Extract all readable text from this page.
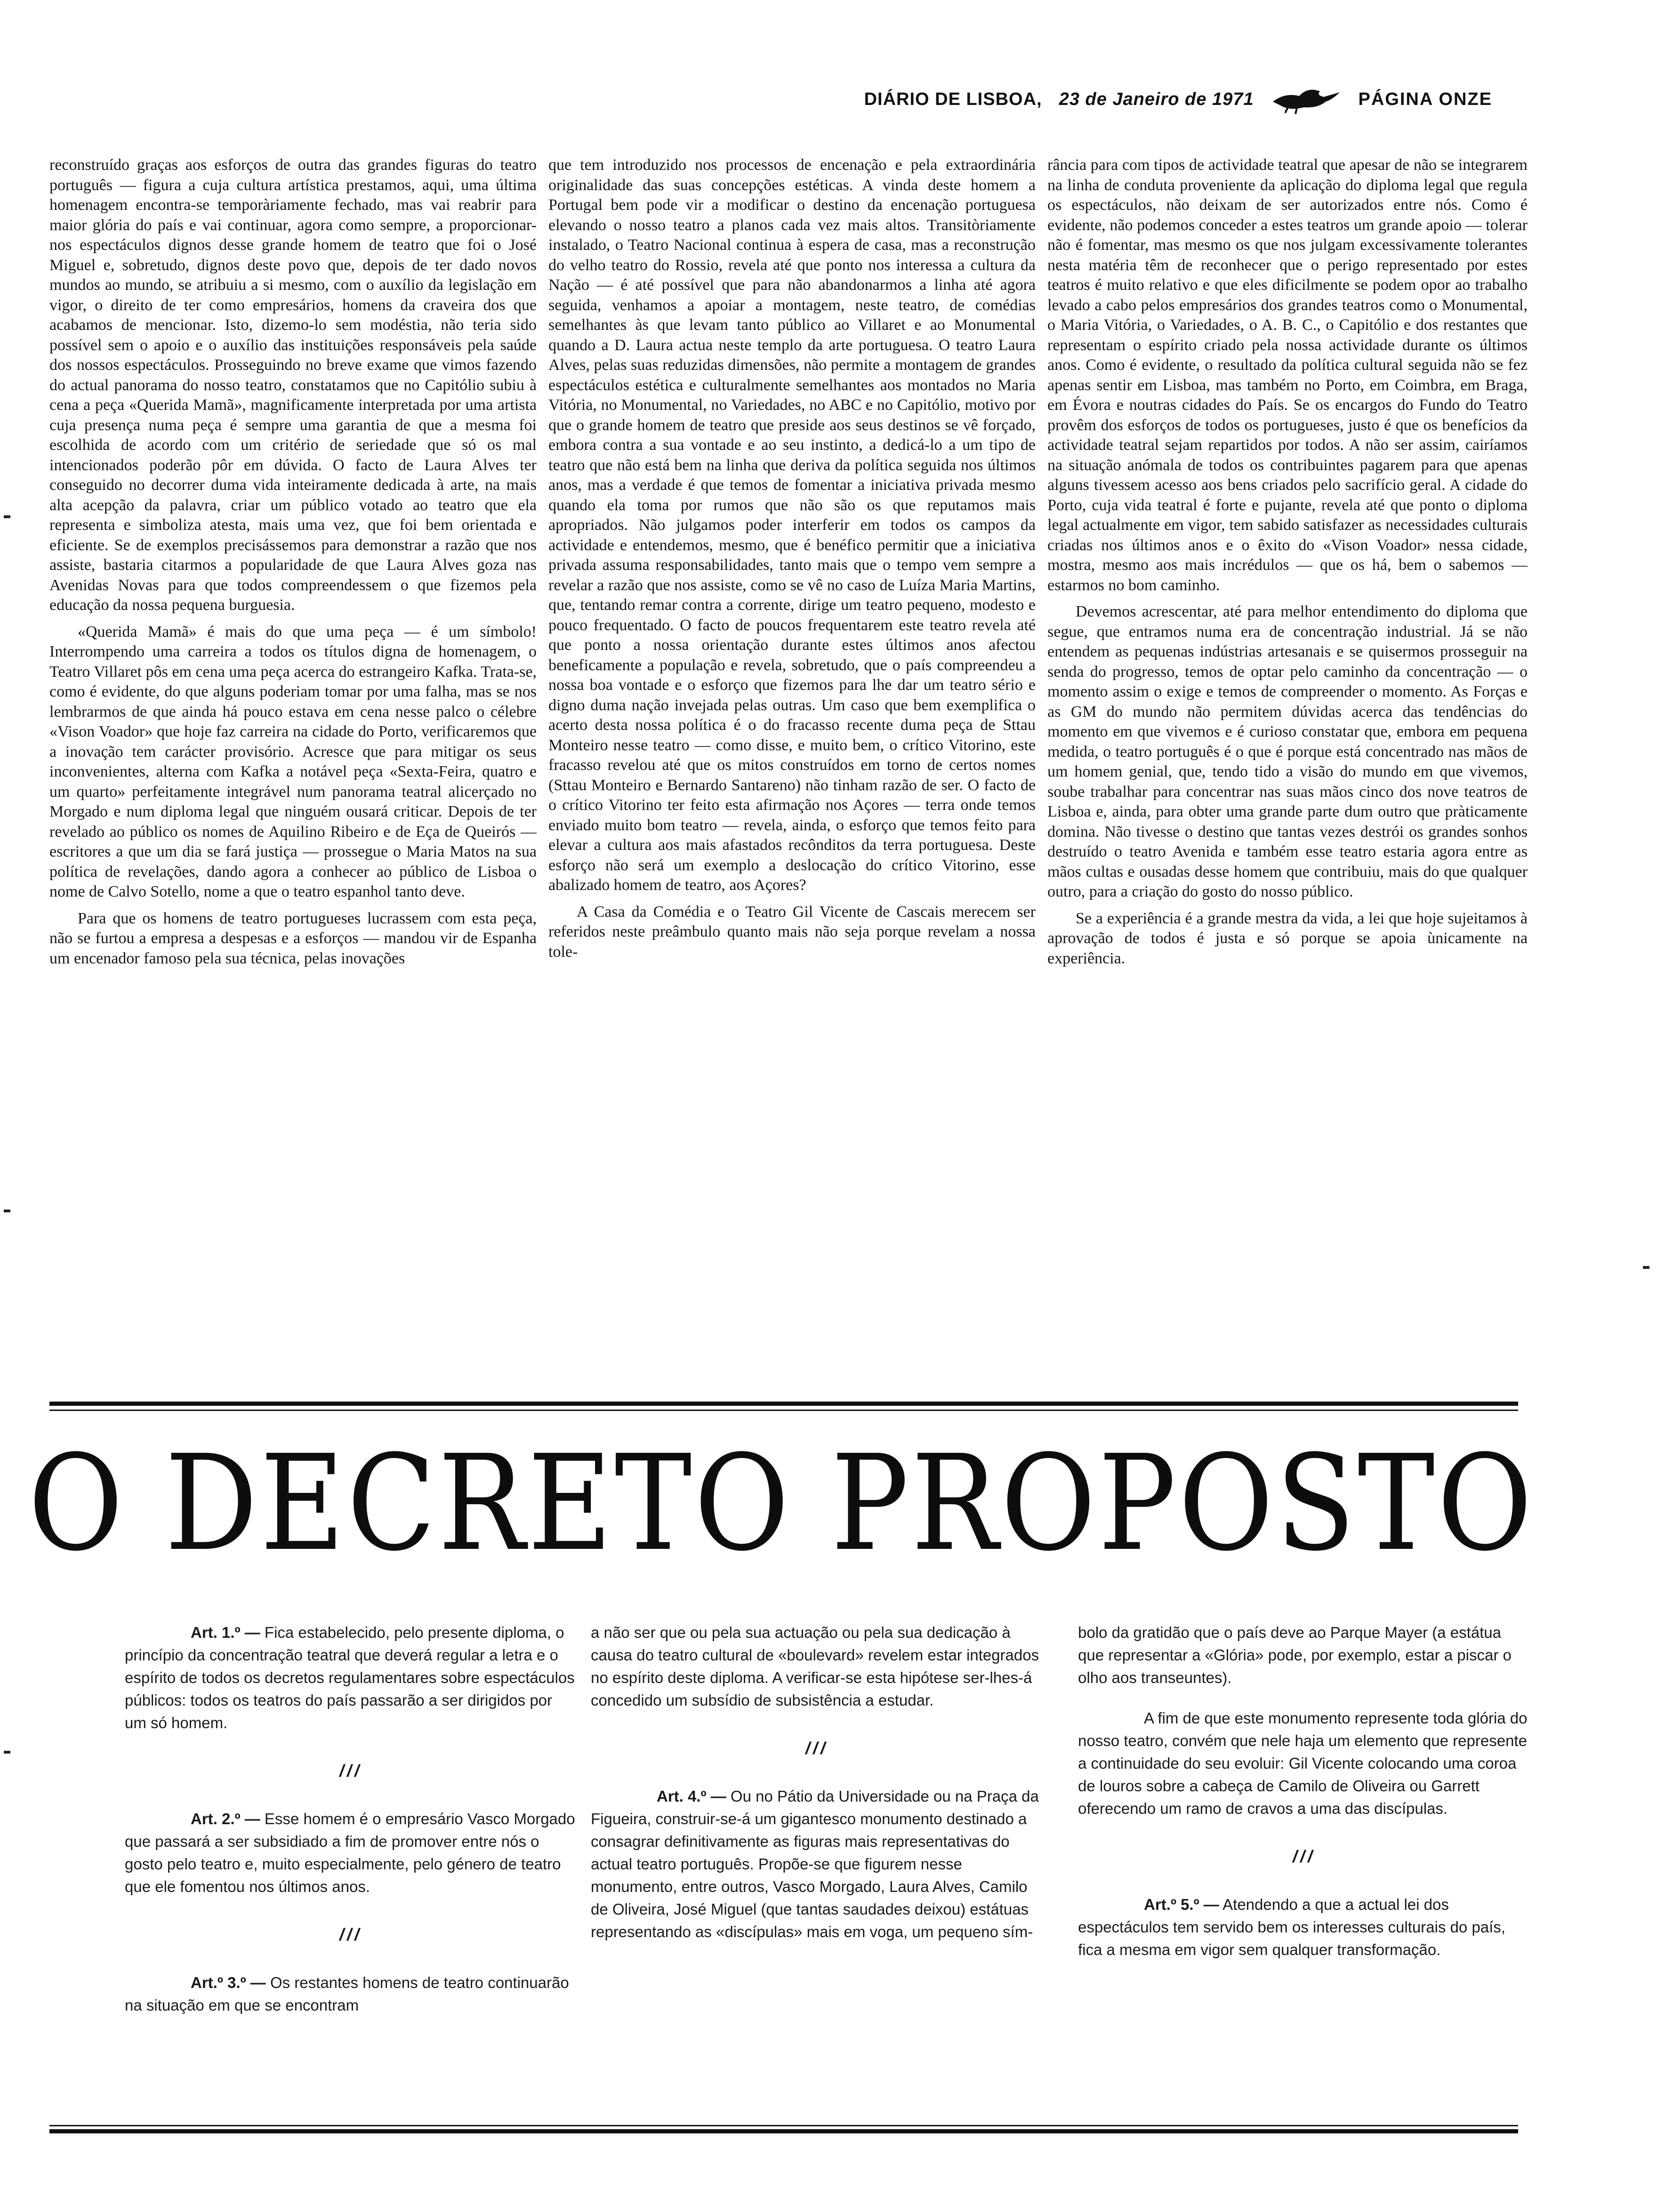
DIÁRIO DE LISBOA, 23 de Janeiro de 1971	PÁGINA ONZE

reconstruído graças aos esforços de outra das grandes figuras do teatro português — figura a cuja cultura artística prestamos, aqui, uma última homenagem encontra-se temporàriamente fechado, mas vai reabrir para maior glória do país e vai continuar, agora como sempre, a proporcionar-nos espectáculos dignos desse grande homem de teatro que foi o José Miguel e, sobretudo, dignos deste povo que, depois de ter dado novos mundos ao mundo, se atribuiu a si mesmo, com o auxílio da legislação em vigor, o direito de ter como empresários, homens da craveira dos que acabamos de mencionar. Isto, dizemo-lo sem modéstia, não teria sido possível sem o apoio e o auxílio das instituições responsáveis pela saúde dos nossos espectáculos. Prosseguindo no breve exame que vimos fazendo do actual panorama do nosso teatro, constatamos que no Capitólio subiu à cena a peça «Querida Mamã», magnificamente interpretada por uma artista cuja presença numa peça é sempre uma garantia de que a mesma foi escolhida de acordo com um critério de seriedade que só os mal intencionados poderão pôr em dúvida. O facto de Laura Alves ter conseguido no decorrer duma vida inteiramente dedicada à arte, na mais alta acepção da palavra, criar um público votado ao teatro que ela representa e simboliza atesta, mais uma vez, que foi bem orientada e eficiente. Se de exemplos precisássemos para demonstrar a razão que nos assiste, bastaria citarmos a popularidade de que Laura Alves goza nas Avenidas Novas para que todos compreendessem o que fizemos pela educação da nossa pequena burguesia.

«Querida Mamã» é mais do que uma peça — é um símbolo! Interrompendo uma carreira a todos os títulos digna de homenagem, o Teatro Villaret pôs em cena uma peça acerca do estrangeiro Kafka. Trata-se, como é evidente, do que alguns poderiam tomar por uma falha, mas se nos lembrarmos de que ainda há pouco estava em cena nesse palco o célebre «Vison Voador» que hoje faz carreira na cidade do Porto, verificaremos que a inovação tem carácter provisório. Acresce que para mitigar os seus inconvenientes, alterna com Kafka a notável peça «Sexta-Feira, quatro e um quarto» perfeitamente integrável num panorama teatral alicerçado no Morgado e num diploma legal que ninguém ousará criticar. Depois de ter revelado ao público os nomes de Aquilino Ribeiro e de Eça de Queirós — escritores a que um dia se fará justiça — prossegue o Maria Matos na sua política de revelações, dando agora a conhecer ao público de Lisboa o nome de Calvo Sotello, nome a que o teatro espanhol tanto deve.

Para que os homens de teatro portugueses lucrassem com esta peça, não se furtou a empresa a despesas e a esforços — mandou vir de Espanha um encenador famoso pela sua técnica, pelas inovações

que tem introduzido nos processos de encenação e pela extraordinária originalidade das suas concepções estéticas. A vinda deste homem a Portugal bem pode vir a modificar o destino da encenação portuguesa elevando o nosso teatro a planos cada vez mais altos. Transitòriamente instalado, o Teatro Nacional continua à espera de casa, mas a reconstrução do velho teatro do Rossio, revela até que ponto nos interessa a cultura da Nação — é até possível que para não abandonarmos a linha até agora seguida, venhamos a apoiar a montagem, neste teatro, de comédias semelhantes às que levam tanto público ao Villaret e ao Monumental quando a D. Laura actua neste templo da arte portuguesa. O teatro Laura Alves, pelas suas reduzidas dimensões, não permite a montagem de grandes espectáculos estética e culturalmente semelhantes aos montados no Maria Vitória, no Monumental, no Variedades, no ABC e no Capitólio, motivo por que o grande homem de teatro que preside aos seus destinos se vê forçado, embora contra a sua vontade e ao seu instinto, a dedicá-lo a um tipo de teatro que não está bem na linha que deriva da política seguida nos últimos anos, mas a verdade é que temos de fomentar a iniciativa privada mesmo quando ela toma por rumos que não são os que reputamos mais apropriados. Não julgamos poder interferir em todos os campos da actividade e entendemos, mesmo, que é benéfico permitir que a iniciativa privada assuma responsabilidades, tanto mais que o tempo vem sempre a revelar a razão que nos assiste, como se vê no caso de Luíza Maria Martins, que, tentando remar contra a corrente, dirige um teatro pequeno, modesto e pouco frequentado. O facto de poucos frequentarem este teatro revela até que ponto a nossa orientação durante estes últimos anos afectou beneficamente a população e revela, sobretudo, que o país compreendeu a nossa boa vontade e o esforço que fizemos para lhe dar um teatro sério e digno duma nação invejada pelas outras. Um caso que bem exemplifica o acerto desta nossa política é o do fracasso recente duma peça de Sttau Monteiro nesse teatro — como disse, e muito bem, o crítico Vitorino, este fracasso revelou até que os mitos construídos em torno de certos nomes (Sttau Monteiro e Bernardo Santareno) não tinham razão de ser. O facto de o crítico Vitorino ter feito esta afirmação nos Açores — terra onde temos enviado muito bom teatro — revela, ainda, o esforço que temos feito para elevar a cultura aos mais afastados recônditos da terra portuguesa. Deste esforço não será um exemplo a deslocação do crítico Vitorino, esse abalizado homem de teatro, aos Açores?

A Casa da Comédia e o Teatro Gil Vicente de Cascais merecem ser referidos neste preâmbulo quanto mais não seja porque revelam a nossa tole-

rância para com tipos de actividade teatral que apesar de não se integrarem na linha de conduta proveniente da aplicação do diploma legal que regula os espectáculos, não deixam de ser autorizados entre nós. Como é evidente, não podemos conceder a estes teatros um grande apoio — tolerar não é fomentar, mas mesmo os que nos julgam excessivamente tolerantes nesta matéria têm de reconhecer que o perigo representado por estes teatros é muito relativo e que eles dificilmente se podem opor ao trabalho levado a cabo pelos empresários dos grandes teatros como o Monumental, o Maria Vitória, o Variedades, o A. B. C., o Capitólio e dos restantes que representam o espírito criado pela nossa actividade durante os últimos anos. Como é evidente, o resultado da política cultural seguida não se fez apenas sentir em Lisboa, mas também no Porto, em Coimbra, em Braga, em Évora e noutras cidades do País. Se os encargos do Fundo do Teatro provêm dos esforços de todos os portugueses, justo é que os benefícios da actividade teatral sejam repartidos por todos. A não ser assim, cairíamos na situação anómala de todos os contribuintes pagarem para que apenas alguns tivessem acesso aos bens criados pelo sacrifício geral. A cidade do Porto, cuja vida teatral é forte e pujante, revela até que ponto o diploma legal actualmente em vigor, tem sabido satisfazer as necessidades culturais criadas nos últimos anos e o êxito do «Vison Voador» nessa cidade, mostra, mesmo aos mais incrédulos — que os há, bem o sabemos — estarmos no bom caminho.

Devemos acrescentar, até para melhor entendimento do diploma que segue, que entramos numa era de concentração industrial. Já se não entendem as pequenas indústrias artesanais e se quisermos prosseguir na senda do progresso, temos de optar pelo caminho da concentração — o momento assim o exige e temos de compreender o momento. As Forças e as GM do mundo não permitem dúvidas acerca das tendências do momento em que vivemos e é curioso constatar que, embora em pequena medida, o teatro português é o que é porque está concentrado nas mãos de um homem genial, que, tendo tido a visão do mundo em que vivemos, soube trabalhar para concentrar nas suas mãos cinco dos nove teatros de Lisboa e, ainda, para obter uma grande parte dum outro que pràticamente domina. Não tivesse o destino que tantas vezes destrói os grandes sonhos destruído o teatro Avenida e também esse teatro estaria agora entre as mãos cultas e ousadas desse homem que contribuiu, mais do que qualquer outro, para a criação do gosto do nosso público.

Se a experiência é a grande mestra da vida, a lei que hoje sujeitamos à aprovação de todos é justa e só porque se apoia ùnicamente na experiência.

O DECRETO PROPOSTO

Art. 1.º — Fica estabelecido, pelo presente diploma, o princípio da concentração teatral que deverá regular a letra e o espírito de todos os decretos regulamentares sobre espectáculos públicos: todos os teatros do país passarão a ser dirigidos por um só homem.

///

Art. 2.º — Esse homem é o empresário Vasco Morgado que passará a ser subsidiado a fim de promover entre nós o gosto pelo teatro e, muito especialmente, pelo género de teatro que ele fomentou nos últimos anos.

///

Art.º 3.º — Os restantes homens de teatro continuarão na situação em que se encontram

a não ser que ou pela sua actuação ou pela sua dedicação à causa do teatro cultural de «boulevard» revelem estar integrados no espírito deste diploma. A verificar-se esta hipótese ser-lhes-á concedido um subsídio de subsistência a estudar.

///

Art. 4.º — Ou no Pátio da Universidade ou na Praça da Figueira, construir-se-á um gigantesco monumento destinado a consagrar definitivamente as figuras mais representativas do actual teatro português. Propõe-se que figurem nesse monumento, entre outros, Vasco Morgado, Laura Alves, Camilo de Oliveira, José Miguel (que tantas saudades deixou) estátuas representando as «discípulas» mais em voga, um pequeno sím-

bolo da gratidão que o país deve ao Parque Mayer (a estátua que representar a «Glória» pode, por exemplo, estar a piscar o olho aos transeuntes).

A fim de que este monumento represente toda glória do nosso teatro, convém que nele haja um elemento que represente a continuidade do seu evoluir: Gil Vicente colocando uma coroa de louros sobre a cabeça de Camilo de Oliveira ou Garrett oferecendo um ramo de cravos a uma das discípulas.

///

Art.º 5.º — Atendendo a que a actual lei dos espectáculos tem servido bem os interesses culturais do país, fica a mesma em vigor sem qualquer transformação.
